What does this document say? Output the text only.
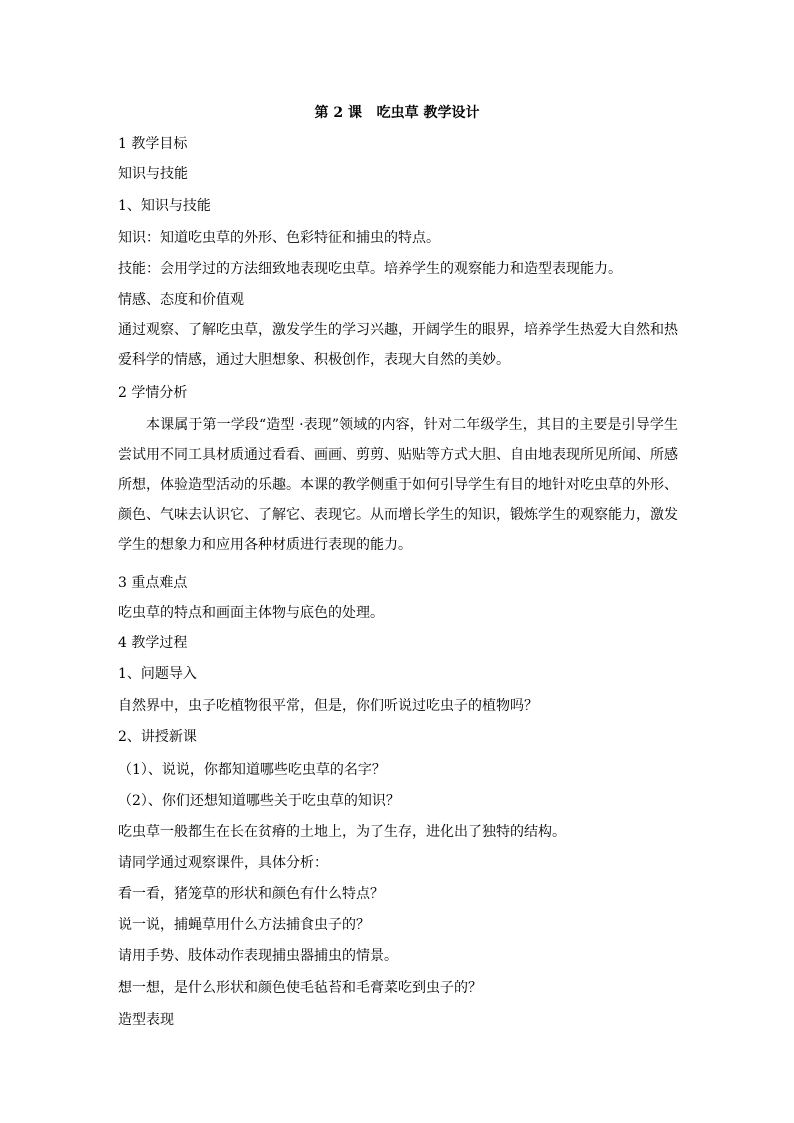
第 2 课   吃虫草 教学设计
1 教学目标
知识与技能
1、知识与技能
知识：知道吃虫草的外形、色彩特征和捕虫的特点。
技能：会用学过的方法细致地表现吃虫草。培养学生的观察能力和造型表现能力。
情感、态度和价值观
通过观察、了解吃虫草，激发学生的学习兴趣，开阔学生的眼界，培养学生热爱大自然和热爱科学的情感，通过大胆想象、积极创作，表现大自然的美妙。
2 学情分析
本课属于第一学段“造型 ·表现”领域的内容，针对二年级学生，其目的主要是引导学生尝试用不同工具材质通过看看、画画、剪剪、贴贴等方式大胆、自由地表现所见所闻、所感所想，体验造型活动的乐趣。本课的教学侧重于如何引导学生有目的地针对吃虫草的外形、颜色、气味去认识它、了解它、表现它。从而增长学生的知识，锻炼学生的观察能力，激发学生的想象力和应用各种材质进行表现的能力。
3 重点难点
吃虫草的特点和画面主体物与底色的处理。
4 教学过程
1、问题导入
自然界中，虫子吃植物很平常，但是，你们听说过吃虫子的植物吗？
2、讲授新课
（1）、说说，你都知道哪些吃虫草的名字？
（2）、你们还想知道哪些关于吃虫草的知识？
吃虫草一般都生在长在贫瘠的土地上，为了生存，进化出了独特的结构。
请同学通过观察课件，具体分析：
看一看，猪笼草的形状和颜色有什么特点？
说一说，捕蝇草用什么方法捕食虫子的？
请用手势、肢体动作表现捕虫器捕虫的情景。
想一想，是什么形状和颜色使毛毡苔和毛膏菜吃到虫子的？
造型表现
